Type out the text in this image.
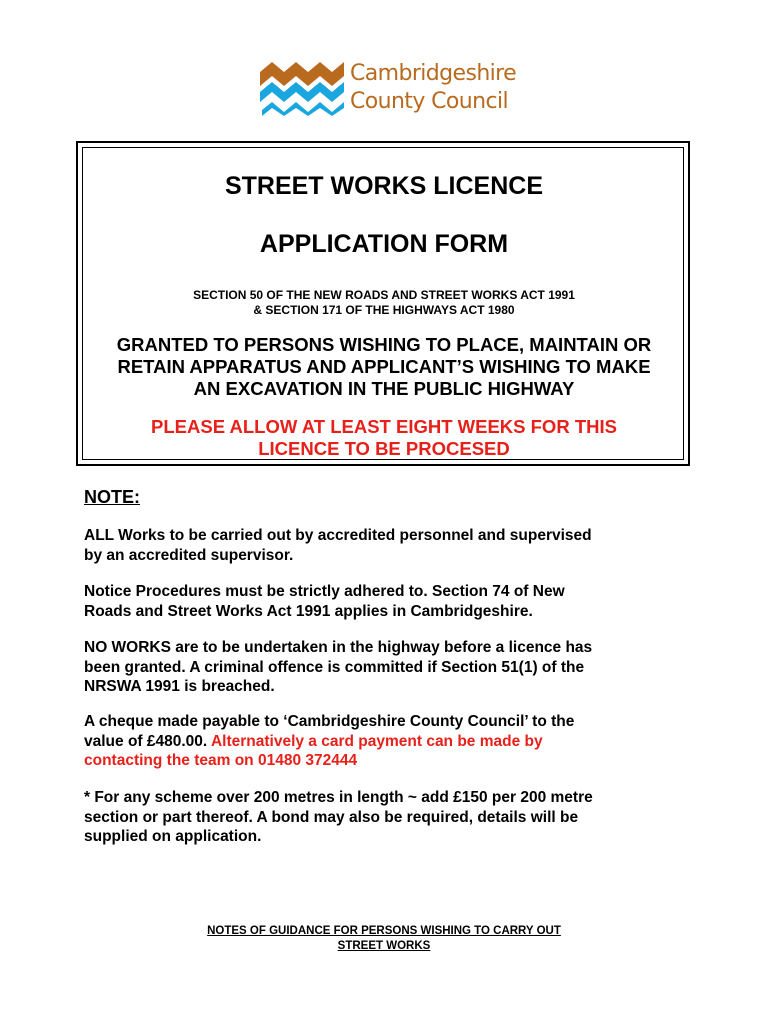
Cambridgeshire
County Council
STREET WORKS LICENCE
APPLICATION FORM
SECTION 50 OF THE NEW ROADS AND STREET WORKS ACT 1991
& SECTION 171 OF THE HIGHWAYS ACT 1980
GRANTED TO PERSONS WISHING TO PLACE, MAINTAIN OR
RETAIN APPARATUS AND APPLICANT’S WISHING TO MAKE
AN EXCAVATION IN THE PUBLIC HIGHWAY
PLEASE ALLOW AT LEAST EIGHT WEEKS FOR THIS
LICENCE TO BE PROCESED
NOTE:
ALL Works to be carried out by accredited personnel and supervised
by an accredited supervisor.
Notice Procedures must be strictly adhered to. Section 74 of New
Roads and Street Works Act 1991 applies in Cambridgeshire.
NO WORKS are to be undertaken in the highway before a licence has
been granted. A criminal offence is committed if Section 51(1) of the
NRSWA 1991 is breached.
A cheque made payable to ‘Cambridgeshire County Council’ to the
value of £480.00. Alternatively a card payment can be made by
contacting the team on 01480 372444
* For any scheme over 200 metres in length ~ add £150 per 200 metre
section or part thereof. A bond may also be required, details will be
supplied on application.
NOTES OF GUIDANCE FOR PERSONS WISHING TO CARRY OUT
STREET WORKS
